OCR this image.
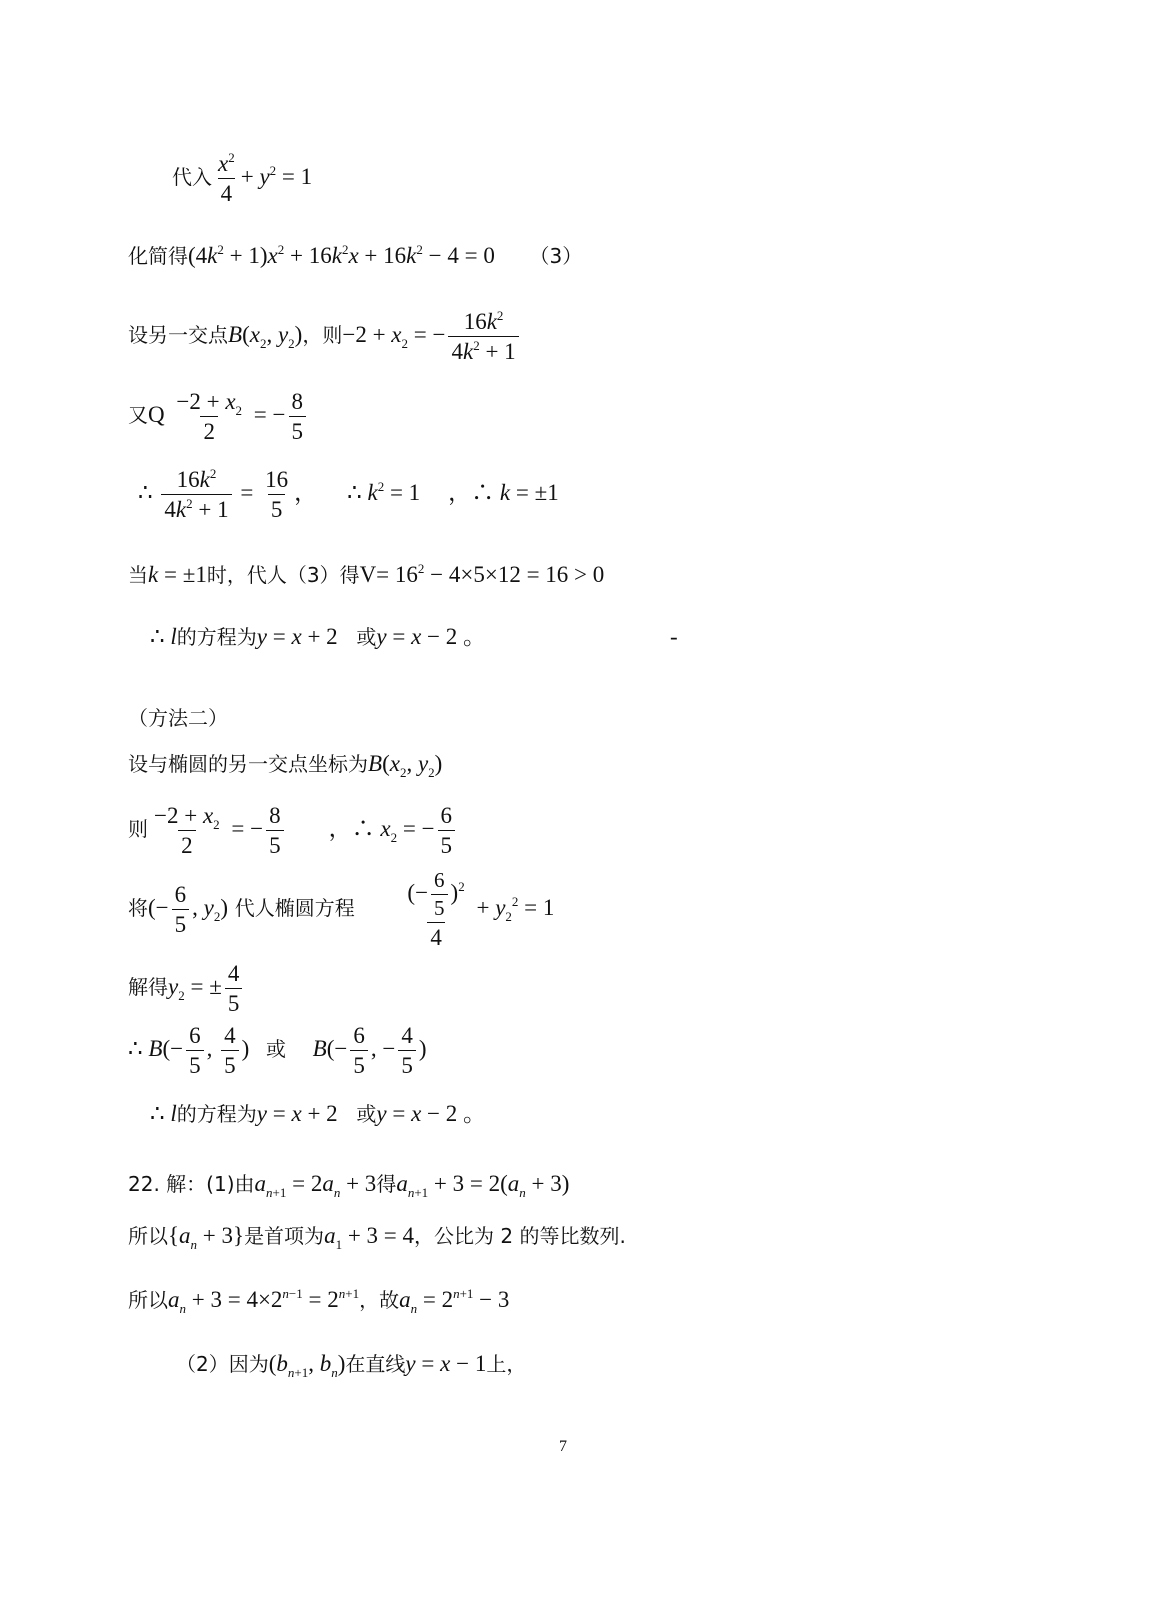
代入 $\frac{x^2}{4} + y^2 = 1$
化简得$(4k^2 + 1)x^2 + 16k^2x + 16k^2 - 4 = 0$ （3）
设另一交点$B(x_2$, $y_2$)，则$-2 + x_2$ = − $\frac{16k^2}{4k^2 + 1}$
又Q $\frac{-2 + x_2}{2}$ = − $\frac{8}{5}$
∴ $\frac{16k^2}{4k^2 + 1} = \frac{16}{5}$ ， ∴ $k^2 = 1$ ，∴ k = ±1
当k = ±1时，代人（3）得$V= 16^2 - 4\times 5\times 12 = 16 > 0$
∴ l的方程为y = x + 2 或y = x − 2 。	-
（方法二）
设与椭圆的另一交点坐标为$B(x_2$, $y_2$)
则 $\frac{-2 + x_2}{2}$ = − $\frac{8}{5}$ ，∴ $x_2$ = − $\frac{6}{5}$
将(− $\frac{6}{5}$ , $y_2$) 代人椭圆方程 $\frac{(- \frac{6}{5} )^2}{4} + y_2^2 = 1$
解得$y_2$ = ± $\frac{4}{5}$
∴ $B(- \frac{6}{5}$ , $\frac{4}{5}$ ) 或 $B(- \frac{6}{5}$ , − $\frac{4}{5}$ )
∴ l的方程为y = x + 2 或y = x − 2 。
22. 解：(1)由$a_{n+1} = 2a_n + 3$得$a_{n+1} + 3 = 2(a_n + 3)$
所以$\{a_n + 3\}$是首项为$a_1 + 3 = 4$，公比为 2 的等比数列.
所以$a_n + 3 = 4\times 2^{n-1} = 2^{n+1}$，故$a_n = 2^{n+1} - 3$
（2）因为($b_{n+1}$, $b_n$)在直线y = x − 1上，
7
